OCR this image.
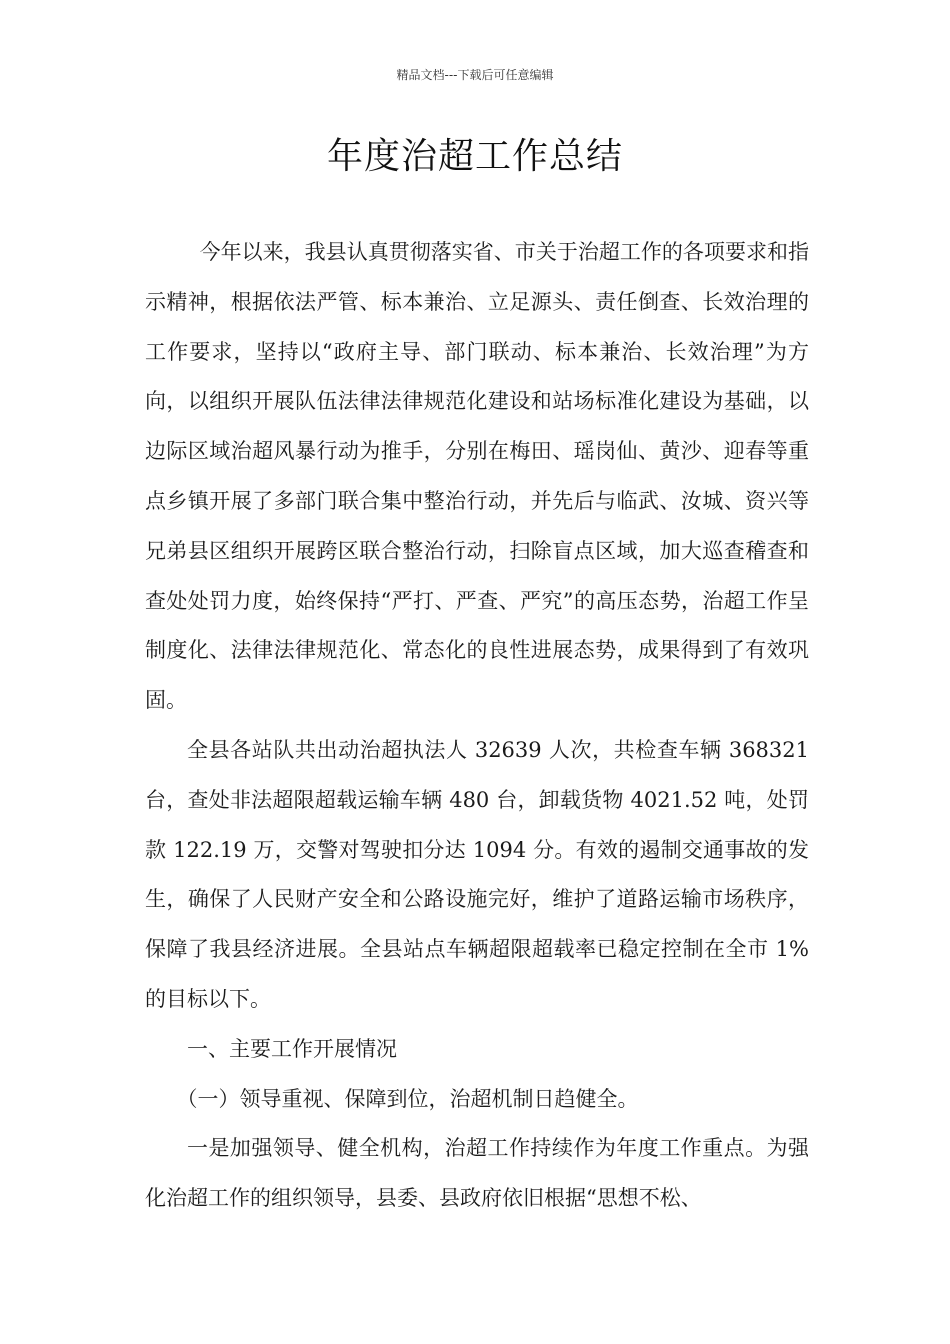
精品文档---下载后可任意编辑
年度治超工作总结

今年以来，我县认真贯彻落实省、市关于治超工作的各项要求和指示精神，根据依法严管、标本兼治、立足源头、责任倒查、长效治理的工作要求，坚持以“政府主导、部门联动、标本兼治、长效治理”为方向，以组织开展队伍法律法律规范化建设和站场标准化建设为基础，以边际区域治超风暴行动为推手，分别在梅田、瑶岗仙、黄沙、迎春等重点乡镇开展了多部门联合集中整治行动，并先后与临武、汝城、资兴等兄弟县区组织开展跨区联合整治行动，扫除盲点区域，加大巡查稽查和查处处罚力度，始终保持“严打、严查、严究”的高压态势，治超工作呈制度化、法律法律规范化、常态化的良性进展态势，成果得到了有效巩固。

全县各站队共出动治超执法人 32639 人次，共检查车辆 368321 台，查处非法超限超载运输车辆 480 台，卸载货物 4021.52 吨，处罚款 122.19 万，交警对驾驶扣分达 1094 分。有效的遏制交通事故的发生，确保了人民财产安全和公路设施完好，维护了道路运输市场秩序，保障了我县经济进展。全县站点车辆超限超载率已稳定控制在全市 1%的目标以下。

一、主要工作开展情况

（一）领导重视、保障到位，治超机制日趋健全。

一是加强领导、健全机构，治超工作持续作为年度工作重点。为强化治超工作的组织领导，县委、县政府依旧根据“思想不松、
